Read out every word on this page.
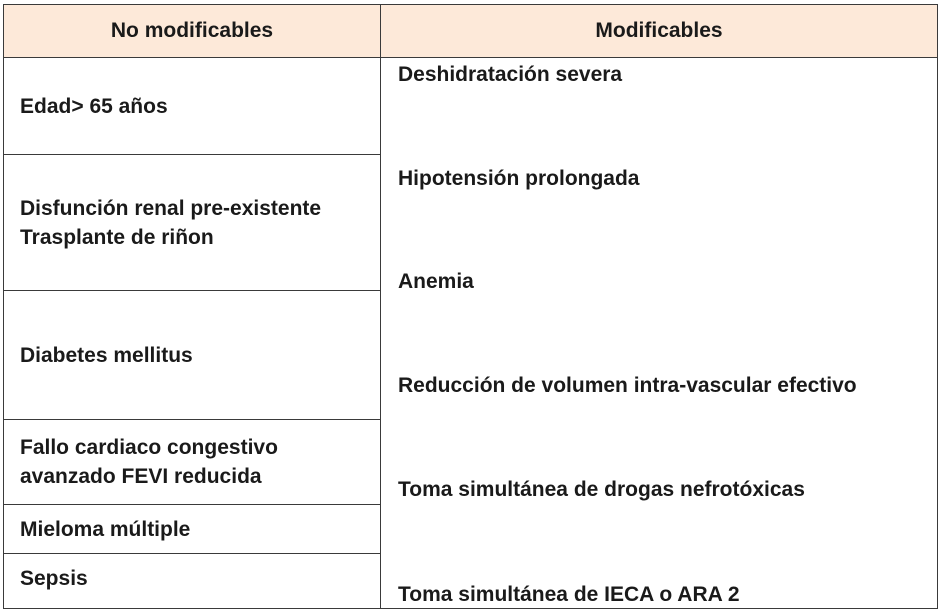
No modificables	Modificables
Edad> 65 años
Disfunción renal pre-existente
Trasplante de riñon
Diabetes mellitus
Fallo cardiaco congestivo
avanzado FEVI reducida
Mieloma múltiple
Sepsis
Deshidratación severa
Hipotensión prolongada
Anemia
Reducción de volumen intra-vascular efectivo
Toma simultánea de drogas nefrotóxicas
Toma simultánea de IECA o ARA 2
